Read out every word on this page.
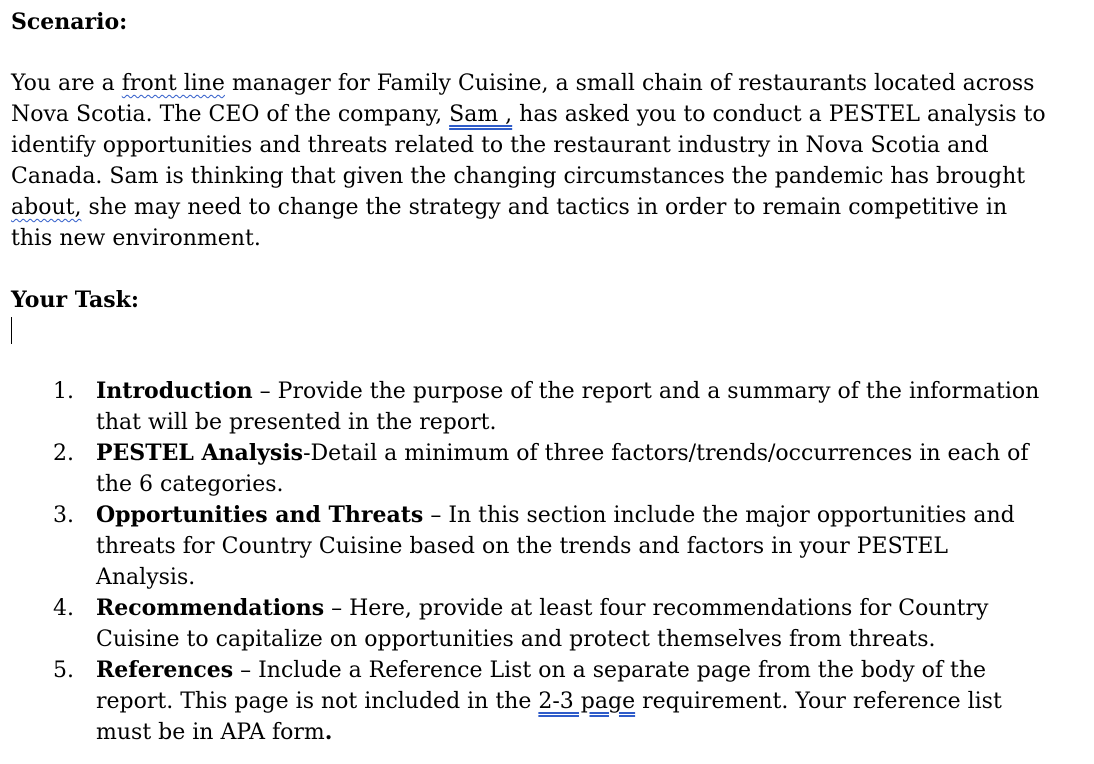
Scenario:
You are a front line manager for Family Cuisine, a small chain of restaurants located across
Nova Scotia. The CEO of the company, Sam , has asked you to conduct a PESTEL analysis to
identify opportunities and threats related to the restaurant industry in Nova Scotia and
Canada. Sam is thinking that given the changing circumstances the pandemic has brought
about, she may need to change the strategy and tactics in order to remain competitive in
this new environment.
Your Task:
1. Introduction – Provide the purpose of the report and a summary of the information
that will be presented in the report.
2. PESTEL Analysis-Detail a minimum of three factors/trends/occurrences in each of
the 6 categories.
3. Opportunities and Threats – In this section include the major opportunities and
threats for Country Cuisine based on the trends and factors in your PESTEL
Analysis.
4. Recommendations – Here, provide at least four recommendations for Country
Cuisine to capitalize on opportunities and protect themselves from threats.
5. References – Include a Reference List on a separate page from the body of the
report. This page is not included in the 2-3 page requirement. Your reference list
must be in APA form.
